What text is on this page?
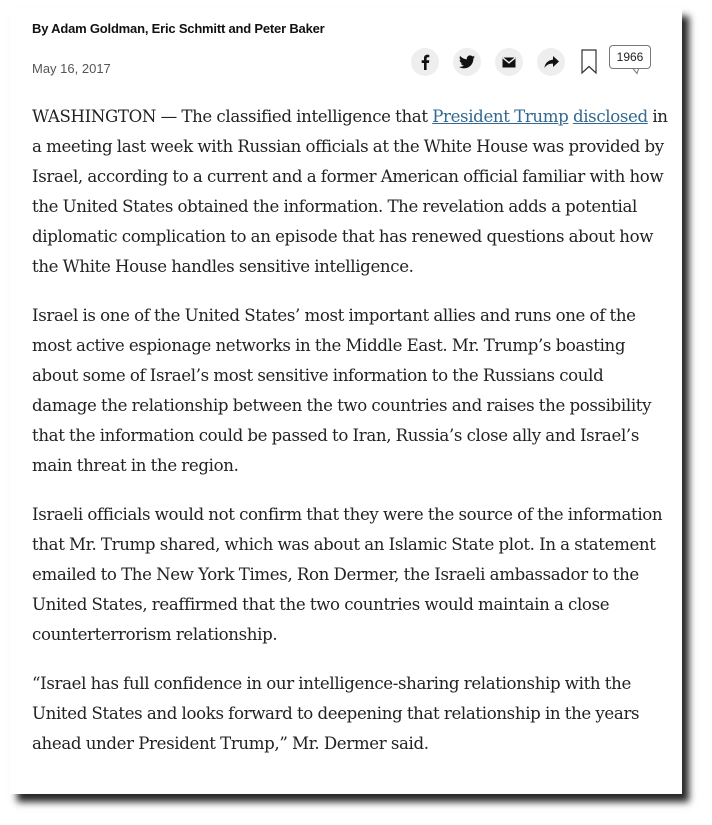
By Adam Goldman, Eric Schmitt and Peter Baker
May 16, 2017
1966

WASHINGTON — The classified intelligence that President Trump disclosed in a meeting last week with Russian officials at the White House was provided by Israel, according to a current and a former American official familiar with how the United States obtained the information. The revelation adds a potential diplomatic complication to an episode that has renewed questions about how the White House handles sensitive intelligence.

Israel is one of the United States’ most important allies and runs one of the most active espionage networks in the Middle East. Mr. Trump’s boasting about some of Israel’s most sensitive information to the Russians could damage the relationship between the two countries and raises the possibility that the information could be passed to Iran, Russia’s close ally and Israel’s main threat in the region.

Israeli officials would not confirm that they were the source of the information that Mr. Trump shared, which was about an Islamic State plot. In a statement emailed to The New York Times, Ron Dermer, the Israeli ambassador to the United States, reaffirmed that the two countries would maintain a close counterterrorism relationship.

“Israel has full confidence in our intelligence-sharing relationship with the United States and looks forward to deepening that relationship in the years ahead under President Trump,” Mr. Dermer said.
